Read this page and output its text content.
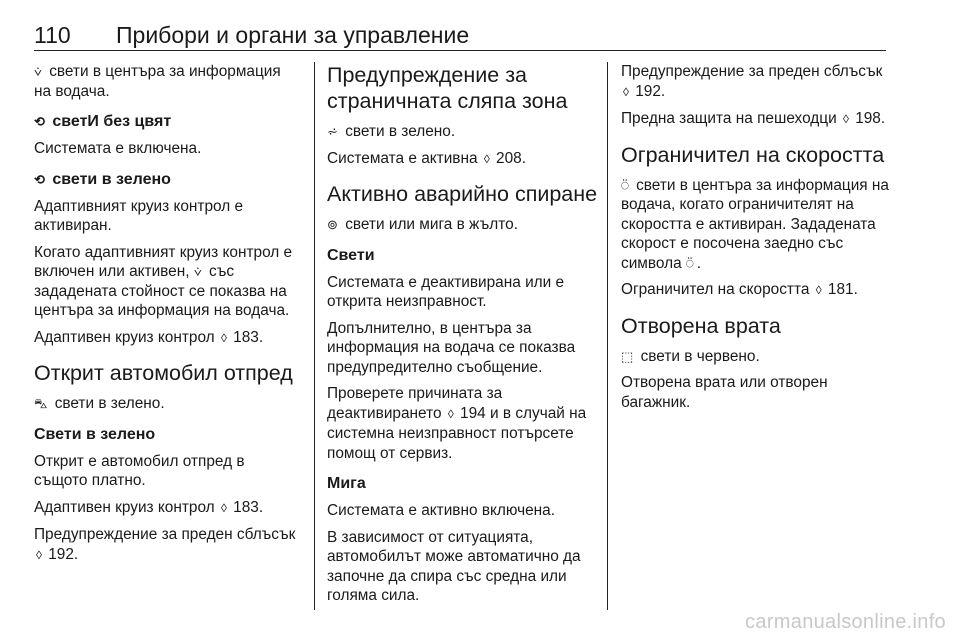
110 Прибори и органи за управление

⩒ свети в центъра за информация на водача.

⟲ светИ без цвят

Системата е включена.

⟲ свети в зелено

Адаптивният круиз контрол е активиран.

Когато адаптивният круиз контрол е включен или активен, ⩒ със зададената стойност се показва на центъра за информация на водача.

Адаптивен круиз контрол ◊ 183.

Открит автомобил отпред

⛍ свети в зелено.

Свети в зелено

Открит е автомобил отпред в същото платно.

Адаптивен круиз контрол ◊ 183.

Предупреждение за преден сблъсък ◊ 192.

Предупреждение за страничната сляпа зона

⩫ свети в зелено.

Системата е активна ◊ 208.

Активно аварийно спиране

⊚ свети или мига в жълто.

Свети

Системата е деактивирана или е открита неизправност.

Допълнително, в центъра за информация на водача се показва предупредително съобщение.

Проверете причината за деактивирането ◊ 194 и в случай на системна неизправност потърсете помощ от сервиз.

Мига

Системата е активно включена.

В зависимост от ситуацията, автомобилът може автоматично да започне да спира със средна или голяма сила.

Предупреждение за преден сблъсък ◊ 192.

Предна защита на пешеходци ◊ 198.

Ограничител на скоростта

⍥ свети в центъра за информация на водача, когато ограничителят на скоростта е активиран. Зададената скорост е посочена заедно със символа ⍥ .

Ограничител на скоростта ◊ 181.

Отворена врата

⬚ свети в червено.

Отворена врата или отворен багажник.

carmanualsonline.info
